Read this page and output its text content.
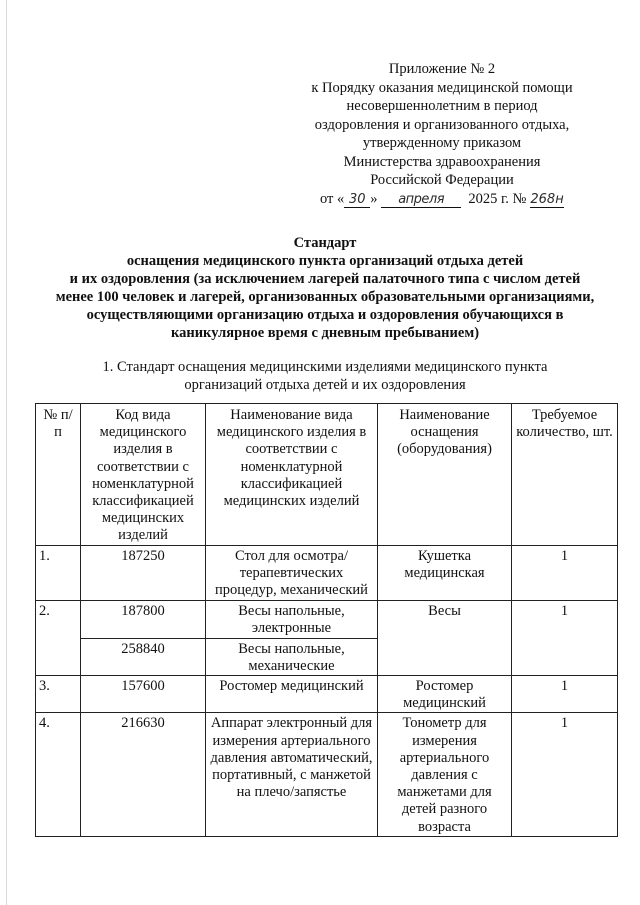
Приложение № 2
к Порядку оказания медицинской помощи
несовершеннолетним в период
оздоровления и организованного отдыха,
утвержденному приказом
Министерства здравоохранения
Российской Федерации
от « 30 » апреля 2025 г. № 268н
Стандарт
оснащения медицинского пункта организаций отдыха детей
и их оздоровления (за исключением лагерей палаточного типа с числом детей
менее 100 человек и лагерей, организованных образовательными организациями,
осуществляющими организацию отдыха и оздоровления обучающихся в
каникулярное время с дневным пребыванием)
1. Стандарт оснащения медицинскими изделиями медицинского пункта
организаций отдыха детей и их оздоровления
№ п/п	Код вида медицинского изделия в соответствии с номенклатурной классификацией медицинских изделий	Наименование вида медицинского изделия в соответствии с номенклатурной классификацией медицинских изделий	Наименование оснащения (оборудования)	Требуемое количество, шт.
1.	187250	Стол для осмотра/ терапевтических процедур, механический	Кушетка медицинская	1
2.	187800	Весы напольные, электронные	Весы	1
	258840	Весы напольные, механические		
3.	157600	Ростомер медицинский	Ростомер медицинский	1
4.	216630	Аппарат электронный для измерения артериального давления автоматический, портативный, с манжетой на плечо/запястье	Тонометр для измерения артериального давления с манжетами для детей разного возраста	1
